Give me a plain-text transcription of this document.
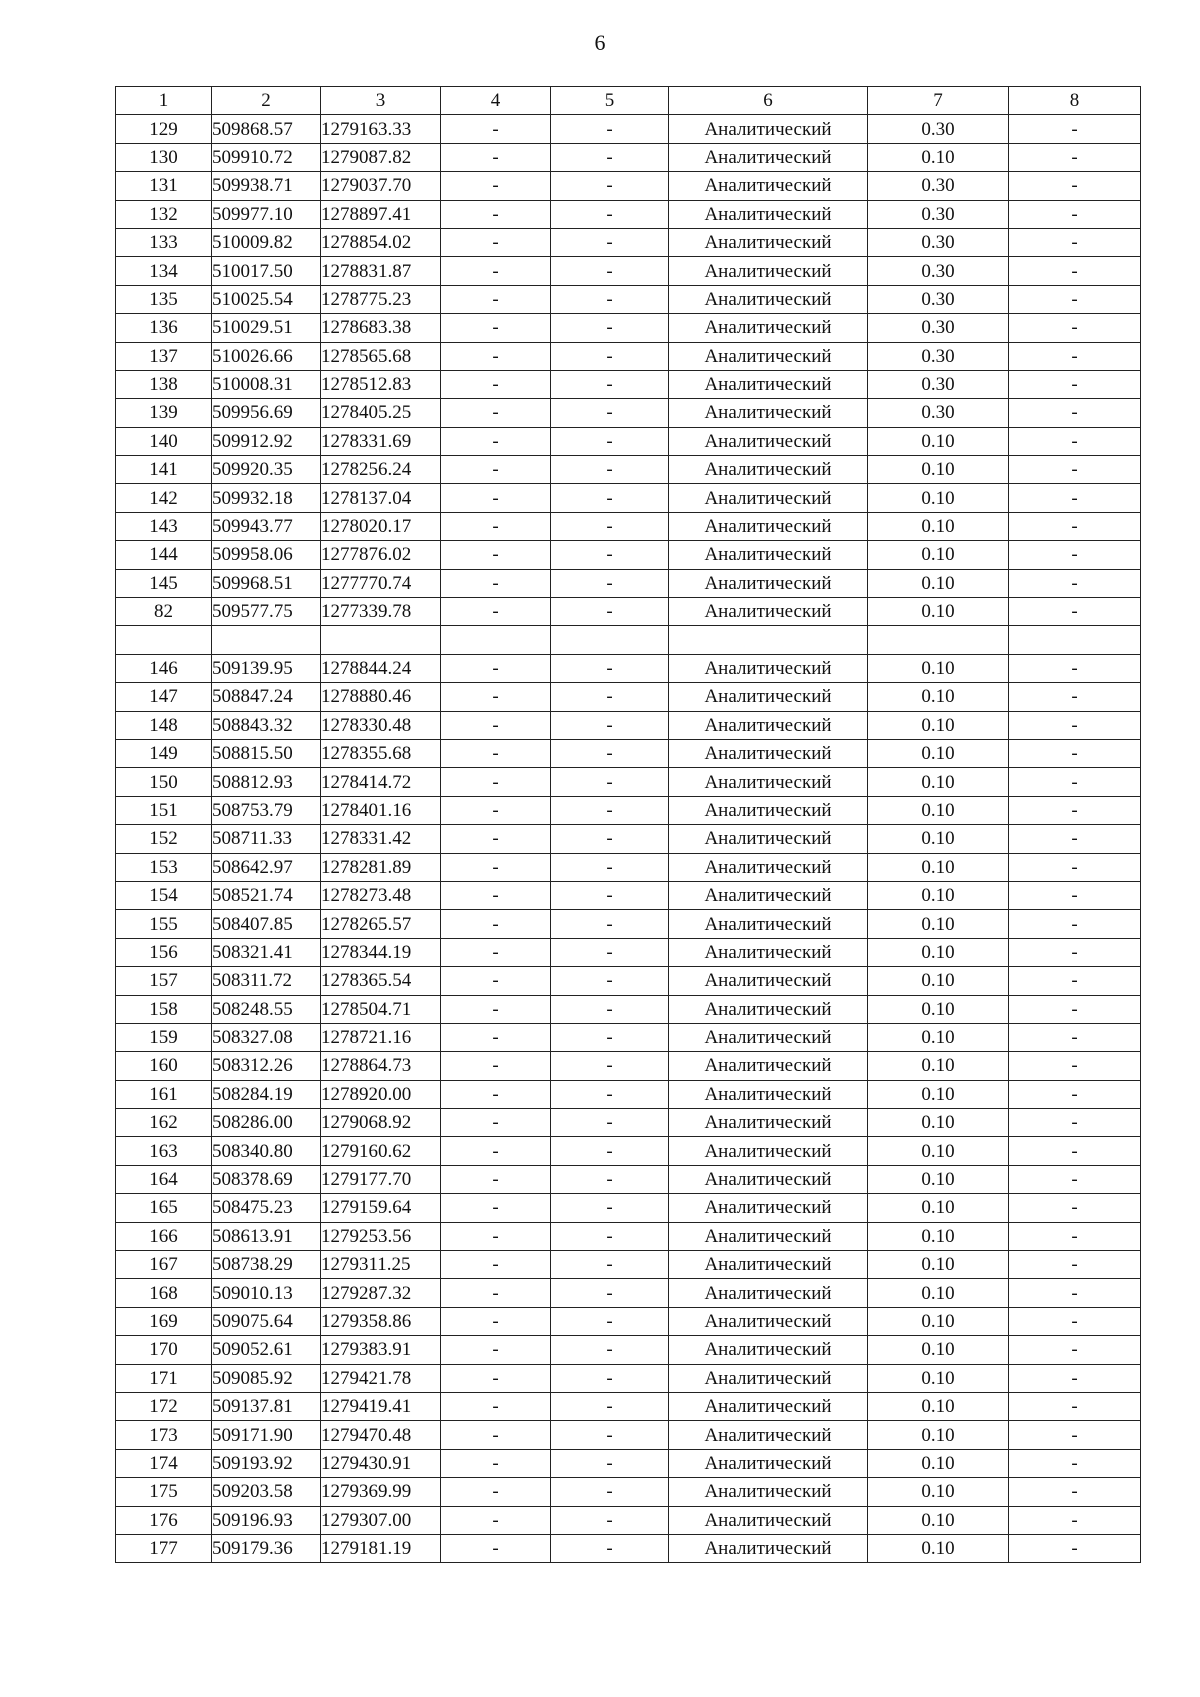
6
1	2	3	4	5	6	7	8
129	509868.57	1279163.33	-	-	Аналитический	0.30	-
130	509910.72	1279087.82	-	-	Аналитический	0.10	-
131	509938.71	1279037.70	-	-	Аналитический	0.30	-
132	509977.10	1278897.41	-	-	Аналитический	0.30	-
133	510009.82	1278854.02	-	-	Аналитический	0.30	-
134	510017.50	1278831.87	-	-	Аналитический	0.30	-
135	510025.54	1278775.23	-	-	Аналитический	0.30	-
136	510029.51	1278683.38	-	-	Аналитический	0.30	-
137	510026.66	1278565.68	-	-	Аналитический	0.30	-
138	510008.31	1278512.83	-	-	Аналитический	0.30	-
139	509956.69	1278405.25	-	-	Аналитический	0.30	-
140	509912.92	1278331.69	-	-	Аналитический	0.10	-
141	509920.35	1278256.24	-	-	Аналитический	0.10	-
142	509932.18	1278137.04	-	-	Аналитический	0.10	-
143	509943.77	1278020.17	-	-	Аналитический	0.10	-
144	509958.06	1277876.02	-	-	Аналитический	0.10	-
145	509968.51	1277770.74	-	-	Аналитический	0.10	-
82	509577.75	1277339.78	-	-	Аналитический	0.10	-

146	509139.95	1278844.24	-	-	Аналитический	0.10	-
147	508847.24	1278880.46	-	-	Аналитический	0.10	-
148	508843.32	1278330.48	-	-	Аналитический	0.10	-
149	508815.50	1278355.68	-	-	Аналитический	0.10	-
150	508812.93	1278414.72	-	-	Аналитический	0.10	-
151	508753.79	1278401.16	-	-	Аналитический	0.10	-
152	508711.33	1278331.42	-	-	Аналитический	0.10	-
153	508642.97	1278281.89	-	-	Аналитический	0.10	-
154	508521.74	1278273.48	-	-	Аналитический	0.10	-
155	508407.85	1278265.57	-	-	Аналитический	0.10	-
156	508321.41	1278344.19	-	-	Аналитический	0.10	-
157	508311.72	1278365.54	-	-	Аналитический	0.10	-
158	508248.55	1278504.71	-	-	Аналитический	0.10	-
159	508327.08	1278721.16	-	-	Аналитический	0.10	-
160	508312.26	1278864.73	-	-	Аналитический	0.10	-
161	508284.19	1278920.00	-	-	Аналитический	0.10	-
162	508286.00	1279068.92	-	-	Аналитический	0.10	-
163	508340.80	1279160.62	-	-	Аналитический	0.10	-
164	508378.69	1279177.70	-	-	Аналитический	0.10	-
165	508475.23	1279159.64	-	-	Аналитический	0.10	-
166	508613.91	1279253.56	-	-	Аналитический	0.10	-
167	508738.29	1279311.25	-	-	Аналитический	0.10	-
168	509010.13	1279287.32	-	-	Аналитический	0.10	-
169	509075.64	1279358.86	-	-	Аналитический	0.10	-
170	509052.61	1279383.91	-	-	Аналитический	0.10	-
171	509085.92	1279421.78	-	-	Аналитический	0.10	-
172	509137.81	1279419.41	-	-	Аналитический	0.10	-
173	509171.90	1279470.48	-	-	Аналитический	0.10	-
174	509193.92	1279430.91	-	-	Аналитический	0.10	-
175	509203.58	1279369.99	-	-	Аналитический	0.10	-
176	509196.93	1279307.00	-	-	Аналитический	0.10	-
177	509179.36	1279181.19	-	-	Аналитический	0.10	-
